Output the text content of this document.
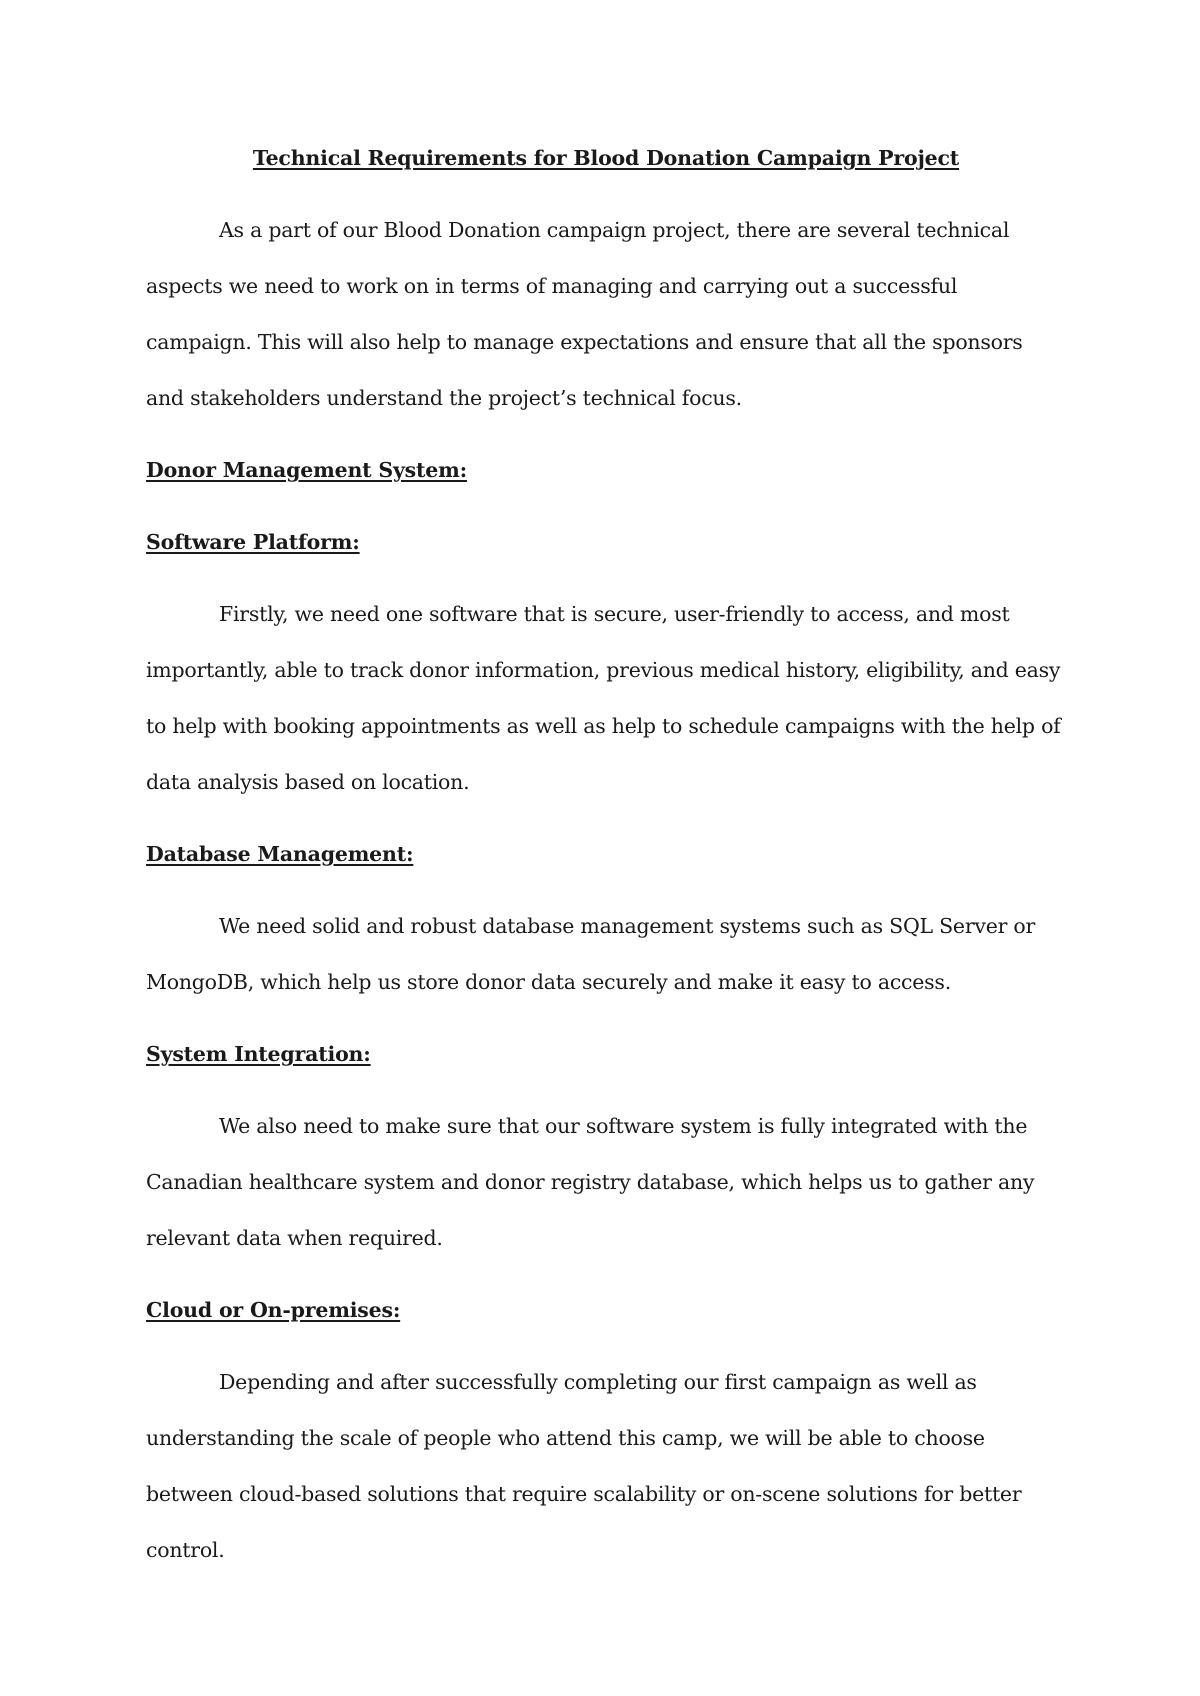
Technical Requirements for Blood Donation Campaign Project

As a part of our Blood Donation campaign project, there are several technical aspects we need to work on in terms of managing and carrying out a successful campaign. This will also help to manage expectations and ensure that all the sponsors and stakeholders understand the project’s technical focus.

Donor Management System:
Software Platform:

Firstly, we need one software that is secure, user-friendly to access, and most importantly, able to track donor information, previous medical history, eligibility, and easy to help with booking appointments as well as help to schedule campaigns with the help of data analysis based on location.

Database Management:

We need solid and robust database management systems such as SQL Server or MongoDB, which help us store donor data securely and make it easy to access.

System Integration:

We also need to make sure that our software system is fully integrated with the Canadian healthcare system and donor registry database, which helps us to gather any relevant data when required.

Cloud or On-premises:

Depending and after successfully completing our first campaign as well as understanding the scale of people who attend this camp, we will be able to choose between cloud-based solutions that require scalability or on-scene solutions for better control.
